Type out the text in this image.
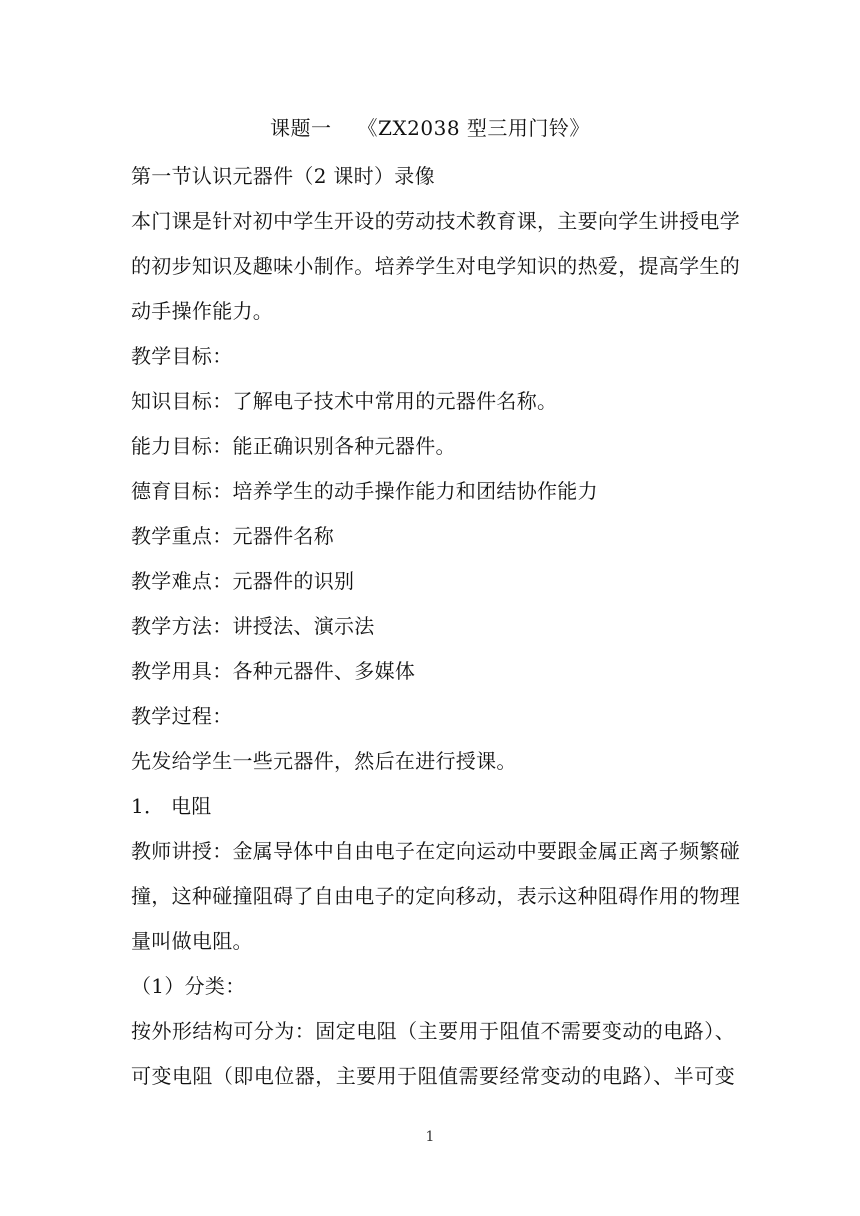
课题一 《ZX2038 型三用门铃》
第一节认识元器件（2 课时）录像
本门课是针对初中学生开设的劳动技术教育课，主要向学生讲授电学
的初步知识及趣味小制作。培养学生对电学知识的热爱，提高学生的
动手操作能力。
教学目标：
知识目标：了解电子技术中常用的元器件名称。
能力目标：能正确识别各种元器件。
德育目标：培养学生的动手操作能力和团结协作能力
教学重点：元器件名称
教学难点：元器件的识别
教学方法：讲授法、演示法
教学用具：各种元器件、多媒体
教学过程：
先发给学生一些元器件，然后在进行授课。
1． 电阻
教师讲授：金属导体中自由电子在定向运动中要跟金属正离子频繁碰
撞，这种碰撞阻碍了自由电子的定向移动，表示这种阻碍作用的物理
量叫做电阻。
（1）分类：
按外形结构可分为：固定电阻（主要用于阻值不需要变动的电路）、
可变电阻（即电位器，主要用于阻值需要经常变动的电路）、半可变
1
